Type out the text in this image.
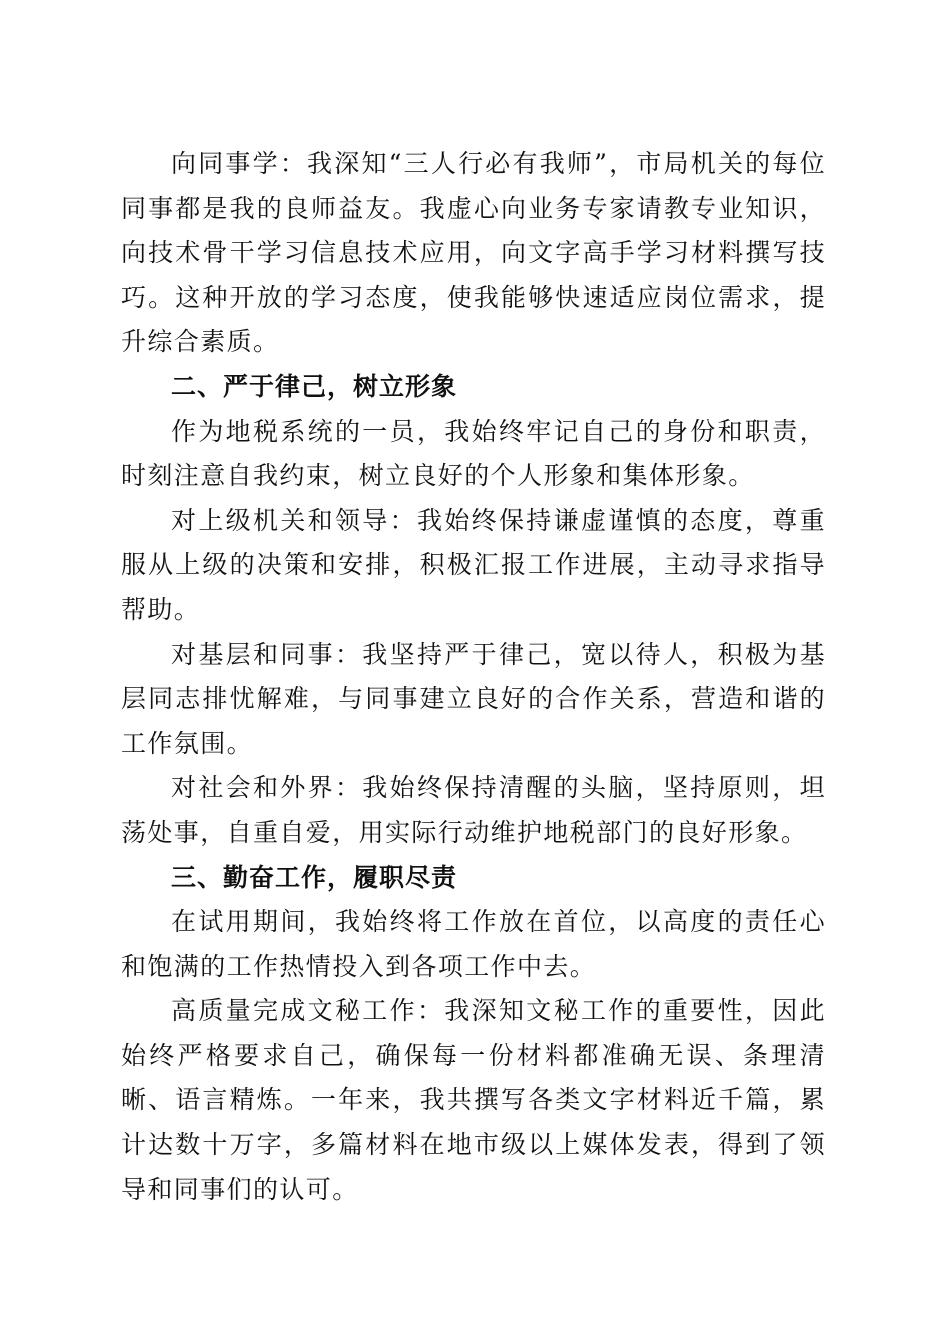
向同事学：我深知“三人行必有我师”，市局机关的每位同事都是我的良师益友。我虚心向业务专家请教专业知识，向技术骨干学习信息技术应用，向文字高手学习材料撰写技巧。这种开放的学习态度，使我能够快速适应岗位需求，提升综合素质。

二、严于律己，树立形象

作为地税系统的一员，我始终牢记自己的身份和职责，时刻注意自我约束，树立良好的个人形象和集体形象。

对上级机关和领导：我始终保持谦虚谨慎的态度，尊重服从上级的决策和安排，积极汇报工作进展，主动寻求指导帮助。

对基层和同事：我坚持严于律己，宽以待人，积极为基层同志排忧解难，与同事建立良好的合作关系，营造和谐的工作氛围。

对社会和外界：我始终保持清醒的头脑，坚持原则，坦荡处事，自重自爱，用实际行动维护地税部门的良好形象。

三、勤奋工作，履职尽责

在试用期间，我始终将工作放在首位，以高度的责任心和饱满的工作热情投入到各项工作中去。

高质量完成文秘工作：我深知文秘工作的重要性，因此始终严格要求自己，确保每一份材料都准确无误、条理清晰、语言精炼。一年来，我共撰写各类文字材料近千篇，累计达数十万字，多篇材料在地市级以上媒体发表，得到了领导和同事们的认可。
